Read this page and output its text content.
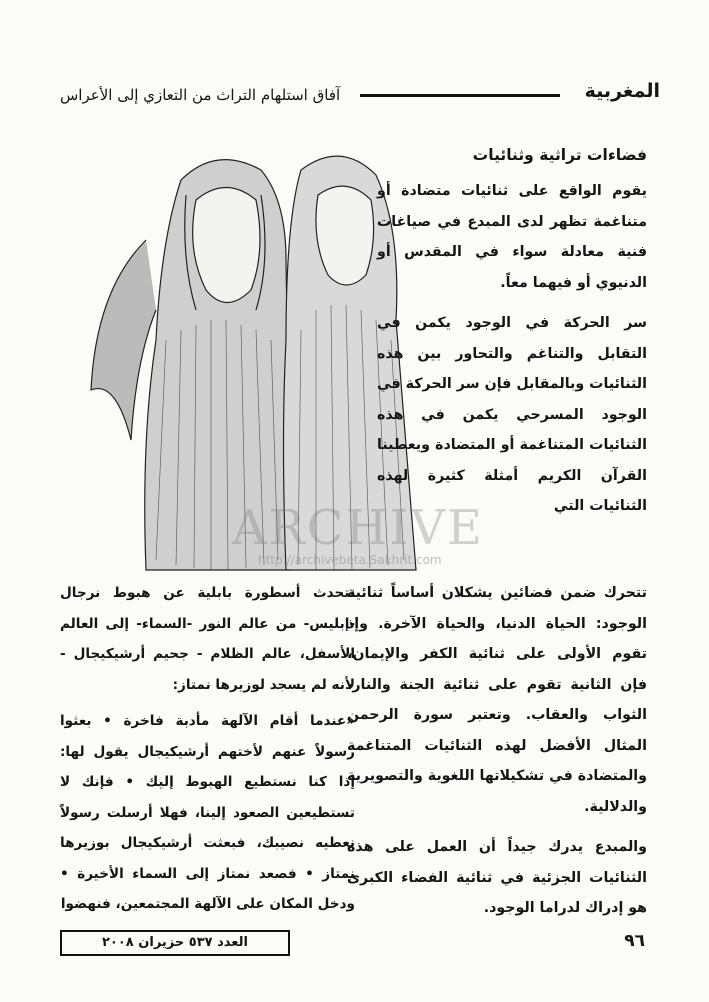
المغربية
آفاق استلهام التراث من التعازي إلى الأعراس
ARCHIVE
http://archivebeta.Sakhrit.com

فضاءات تراثية وثنائيات

يقوم الواقع على ثنائيات متضادة أو متناغمة تظهر لدى المبدع في صياغات فنية معادلة سواء في المقدس أو الدنيوي أو فيهما معاً.

سر الحركة في الوجود يكمن في التقابل والتناغم والتحاور بين هذه الثنائيات وبالمقابل فإن سر الحركة في الوجود المسرحي يكمن في هذه الثنائيات المتناغمة أو المتضادة ويعطينا القرآن الكريم أمثلة كثيرة لهذه الثنائيات التي

تتحرك ضمن فضائين يشكلان أساساً ثنائية الوجود: الحياة الدنيا، والحياة الآخرة. وإذ تقوم الأولى على ثنائية الكفر والإيمان، فإن الثانية تقوم على ثنائية الجنة والنار، الثواب والعقاب. وتعتبر سورة الرحمن المثال الأفضل لهذه الثنائيات المتناغمة والمتضادة في تشكيلاتها اللغوية والتصويرية والدلالية.

والمبدع يدرك جيداً أن العمل على هذه الثنائيات الجزئية في ثنائية الفضاء الكبرى هو إدراك لدراما الوجود.

تتحدث أسطورة بابلية عن هبوط نرجال -إبليس- من عالم النور -السماء- إلى العالم الأسفل، عالم الظلام - جحيم أرشيكيجال - لأنه لم يسجد لوزيرها نمتاز:

«عندما أقام الآلهة مأدبة فاخرة • بعثوا رسولاً عنهم لأختهم أرشيكيجال يقول لها: إذا كنا نستطيع الهبوط إليك • فإنك لا تستطيعين الصعود إلينا، فهلا أرسلت رسولاً نعطيه نصيبك، فبعثت أرشيكيجال بوزيرها نمتاز • فصعد نمتاز إلى السماء الأخيرة • ودخل المكان على الآلهة المجتمعين، فنهضوا

العدد ٥٣٧ حزيران ٢٠٠٨	٩٦
